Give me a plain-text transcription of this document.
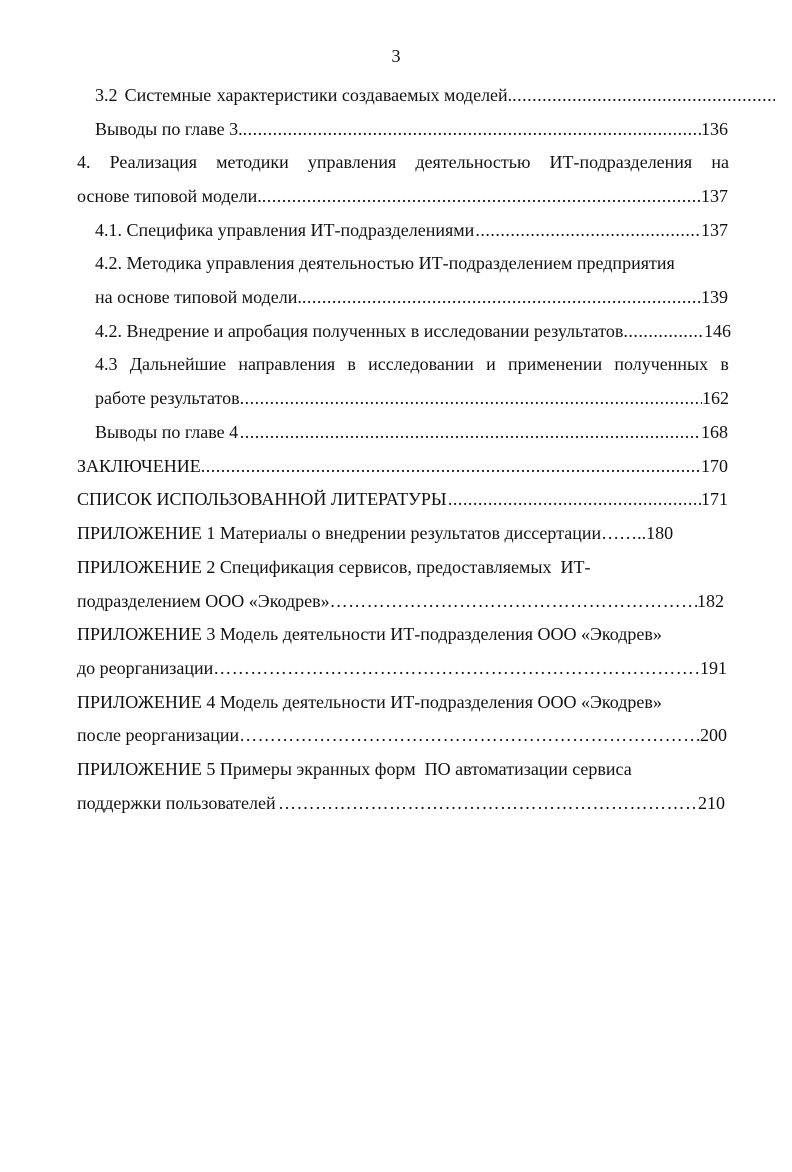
3
3.2 Системные характеристики создаваемых моделей.
.....
Выводы по главе 3. .....	136
4. Реализация методики управления деятельностью ИТ-подразделения на
основе типовой модели. .....	137
4.1. Специфика управления ИТ-подразделениями .....	137
4.2. Методика управления деятельностью ИТ-подразделением предприятия
на основе типовой модели. .....	139
4.2. Внедрение и апробация полученных в исследовании результатов .....	146
4.3 Дальнейшие направления в исследовании и применении полученных в
работе результатов .....	162
Выводы по главе 4 .....	168
ЗАКЛЮЧЕНИЕ .....	170
СПИСОК ИСПОЛЬЗОВАННОЙ ЛИТЕРАТУРЫ .....	171
ПРИЛОЖЕНИЕ 1 Материалы о внедрении результатов диссертации …….. 180
ПРИЛОЖЕНИЕ 2 Спецификация сервисов, предоставляемых  ИТ-
подразделением ООО «Экодрев» ……………………………………………………………………………………………………………………………………………………	182
ПРИЛОЖЕНИЕ 3 Модель деятельности ИТ-подразделения ООО «Экодрев»
до реорганизации ……………………………………………………………………………………………………………………………………………………	191
ПРИЛОЖЕНИЕ 4 Модель деятельности ИТ-подразделения ООО «Экодрев»
после реорганизации ……………………………………………………………………………………………………………………………………………………	200
ПРИЛОЖЕНИЕ 5 Примеры экранных форм  ПО автоматизации сервиса
поддержки пользователей ……………………………………………………………………………………………………………………………………………………	210
